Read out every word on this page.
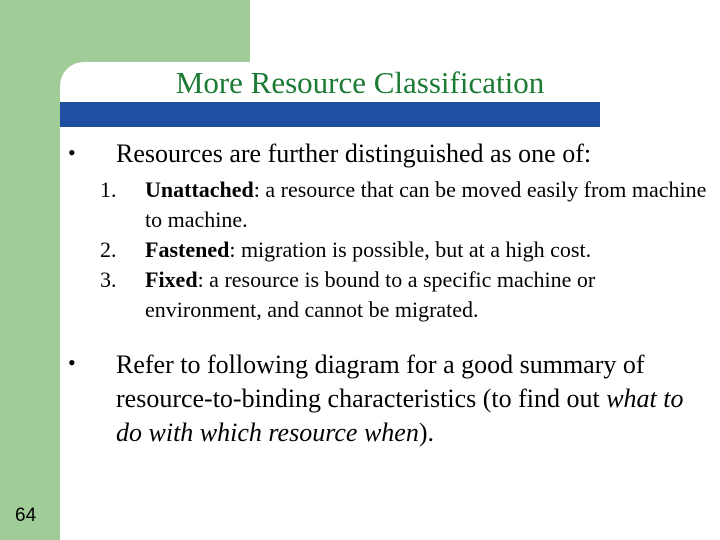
More Resource Classification
• Resources are further distinguished as one of:
1. Unattached: a resource that can be moved easily from machine to machine.
2. Fastened: migration is possible, but at a high cost.
3. Fixed: a resource is bound to a specific machine or environment, and cannot be migrated.
• Refer to following diagram for a good summary of resource-to-binding characteristics (to find out what to do with which resource when).
64
